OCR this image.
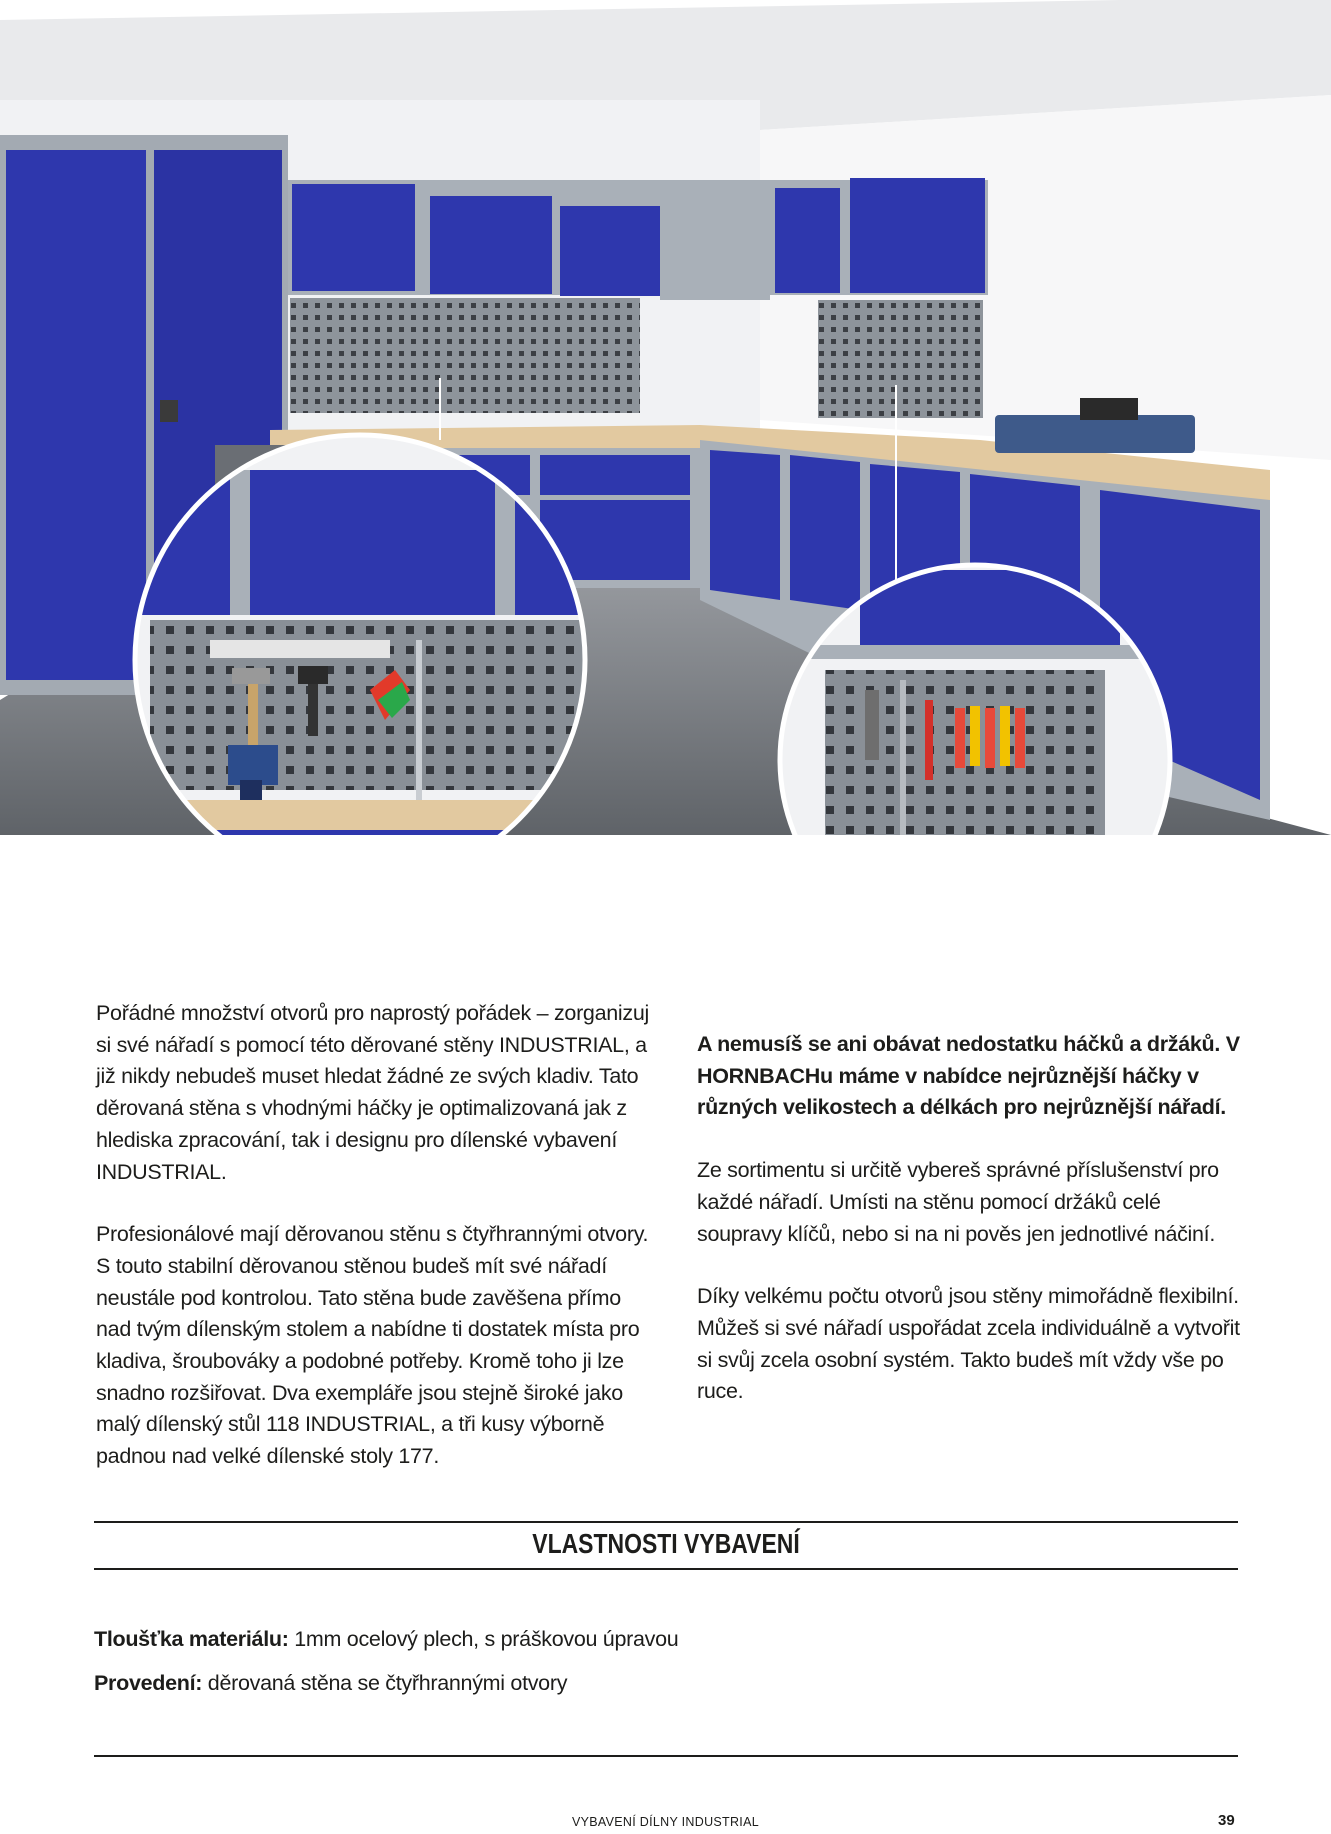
Pořádné množství otvorů pro naprostý pořádek – zorganizuj si své nářadí s pomocí této děrované stěny INDUSTRIAL, a již nikdy nebudeš muset hledat žádné ze svých kladiv. Tato děrovaná stěna s vhodnými háčky je optimalizovaná jak z hlediska zpracování, tak i designu pro dílenské vybavení INDUSTRIAL.

Profesionálové mají děrovanou stěnu s čtyřhrannými otvory. S touto stabilní děrovanou stěnou budeš mít své nářadí neustále pod kontrolou. Tato stěna bude zavěšena přímo nad tvým dílenským stolem a nabídne ti dostatek místa pro kladiva, šroubováky a podobné potřeby. Kromě toho ji lze snadno rozšiřovat. Dva exempláře jsou stejně široké jako malý dílenský stůl 118 INDUSTRIAL, a tři kusy výborně padnou nad velké dílenské stoly 177.

A nemusíš se ani obávat nedostatku háčků a držáků. V HORNBACHu máme v nabídce nejrůznější háčky v různých velikostech a délkách pro nejrůznější nářadí.

Ze sortimentu si určitě vybereš správné příslušenství pro každé nářadí. Umísti na stěnu pomocí držáků celé soupravy klíčů, nebo si na ni pověs jen jednotlivé náčiní.

Díky velkému počtu otvorů jsou stěny mimořádně flexibilní. Můžeš si své nářadí uspořádat zcela individuálně a vytvořit si svůj zcela osobní systém. Takto budeš mít vždy vše po ruce.

VLASTNOSTI VYBAVENÍ
Tloušťka materiálu: 1mm ocelový plech, s práškovou úpravou
Provedení: děrovaná stěna se čtyřhrannými otvory
VYBAVENÍ DÍLNY INDUSTRIAL	39
